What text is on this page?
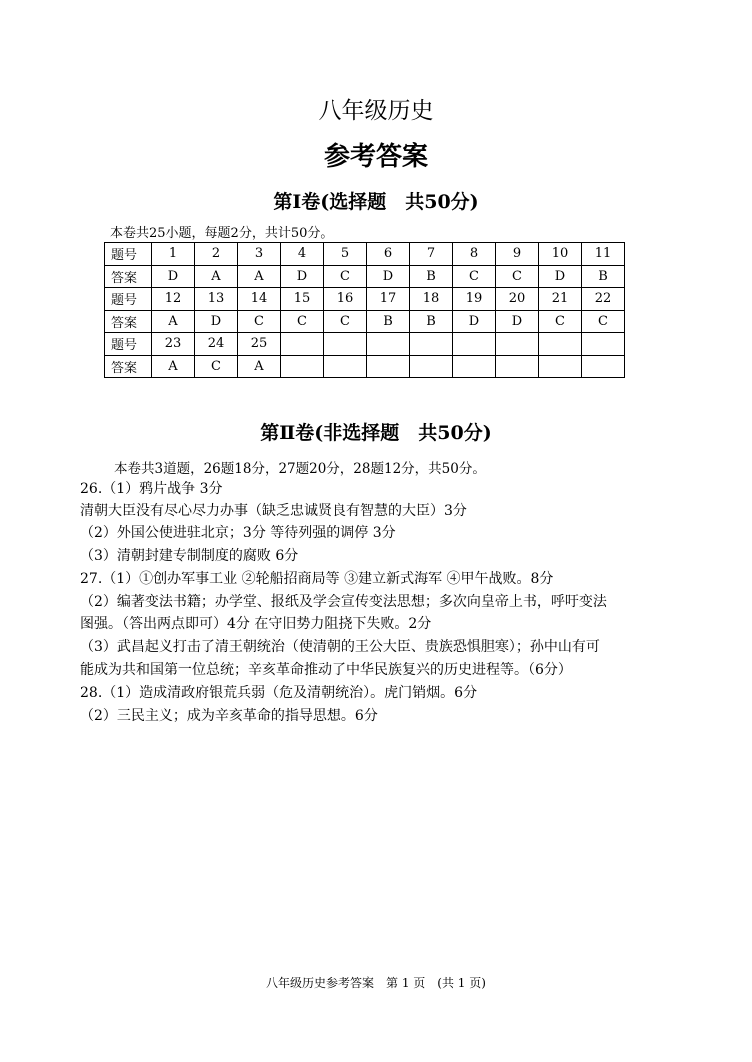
八年级历史
参考答案
第Ⅰ卷(选择题　共50分)
本卷共25小题，每题2分，共计50分。
题号	1	2	3	4	5	6	7	8	9	10	11
答案	D	A	A	D	C	D	B	C	C	D	B
题号	12	13	14	15	16	17	18	19	20	21	22
答案	A	D	C	C	C	B	B	D	D	C	C
题号	23	24	25								
答案	A	C	A								
第Ⅱ卷(非选择题　共50分)
本卷共3道题，26题18分，27题20分，28题12分，共50分。
26.（1）鸦片战争 3分
清朝大臣没有尽心尽力办事（缺乏忠诚贤良有智慧的大臣）3分
（2）外国公使进驻北京；3分 等待列强的调停 3分
（3）清朝封建专制制度的腐败 6分
27.（1）①创办军事工业 ②轮船招商局等 ③建立新式海军 ④甲午战败。8分
（2）编著变法书籍；办学堂、报纸及学会宣传变法思想；多次向皇帝上书，呼吁变法
图强。（答出两点即可）4分 在守旧势力阻挠下失败。2分
（3）武昌起义打击了清王朝统治（使清朝的王公大臣、贵族恐惧胆寒）；孙中山有可
能成为共和国第一位总统；辛亥革命推动了中华民族复兴的历史进程等。（6分）
28.（1）造成清政府银荒兵弱（危及清朝统治）。虎门销烟。6分
（2）三民主义；成为辛亥革命的指导思想。6分
八年级历史参考答案　第 1 页　(共 1 页)
